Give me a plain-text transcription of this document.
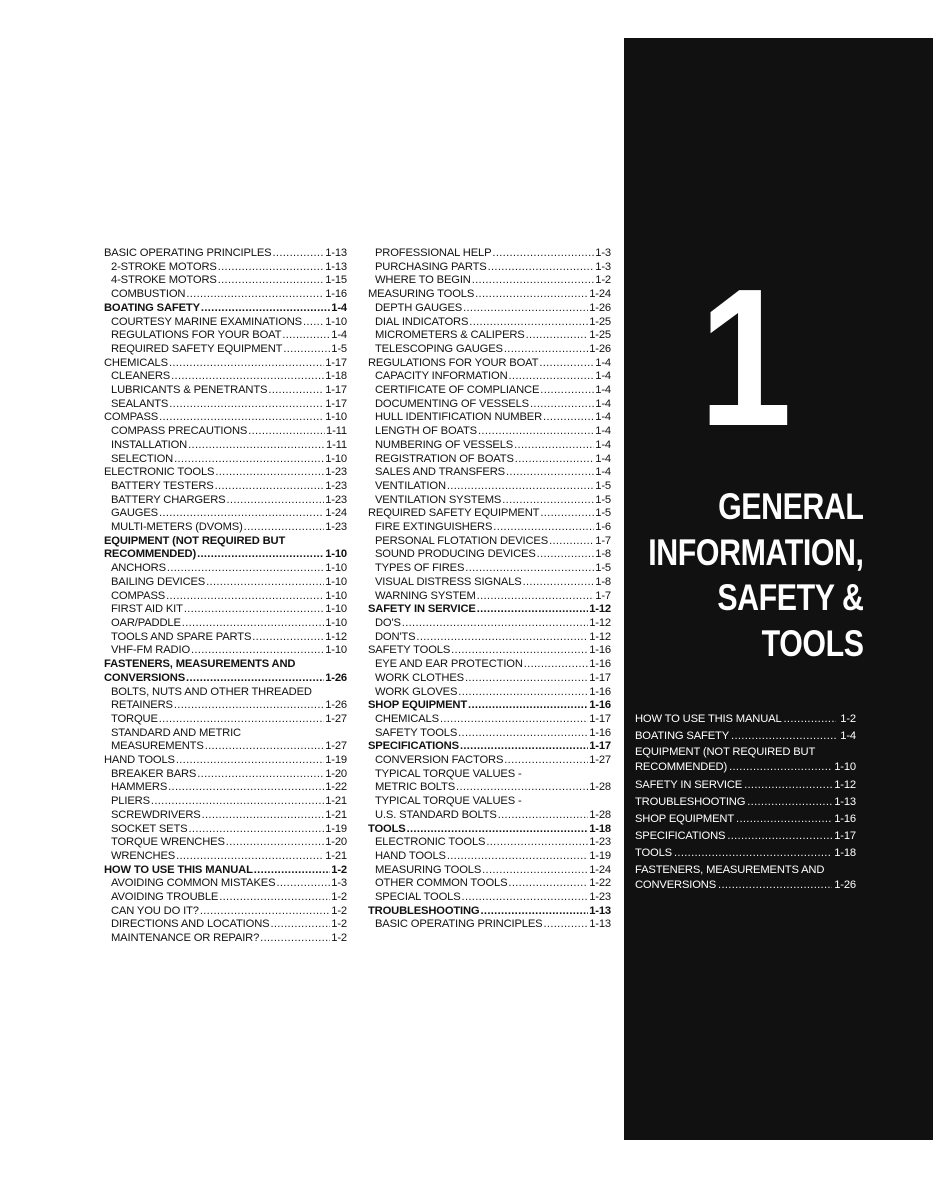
BASIC OPERATING PRINCIPLES . . .	1-13
2-STROKE MOTORS . . .	1-13
4-STROKE MOTORS . . .	1-15
COMBUSTION . . .	1-16
BOATING SAFETY . . .	1-4
COURTESY MARINE EXAMINATIONS . . . 1-10
REGULATIONS FOR YOUR BOAT . . .	1-4
REQUIRED SAFETY EQUIPMENT . . .	1-5
CHEMICALS . . .	1-17
CLEANERS . . .	1-18
LUBRICANTS & PENETRANTS . . .	1-17
SEALANTS . . .	1-17
COMPASS . . .	1-10
COMPASS PRECAUTIONS . . .	1-11
INSTALLATION . . .	1-11
SELECTION . . .	1-10
ELECTRONIC TOOLS . . .	1-23
BATTERY TESTERS . . .	1-23
BATTERY CHARGERS . . .	1-23
GAUGES . . .	1-24
MULTI-METERS (DVOMS) . . .	1-23
EQUIPMENT (NOT REQUIRED BUT
RECOMMENDED) . . .	1-10
ANCHORS . . .	1-10
BAILING DEVICES . . .	1-10
COMPASS . . .	1-10
FIRST AID KIT . . .	1-10
OAR/PADDLE . . .	1-10
TOOLS AND SPARE PARTS . . .	1-12
VHF-FM RADIO . . .	1-10
FASTENERS, MEASUREMENTS AND
CONVERSIONS . . .	1-26
BOLTS, NUTS AND OTHER THREADED
RETAINERS . . .	1-26
TORQUE . . .	1-27
STANDARD AND METRIC
MEASUREMENTS . . .	1-27
HAND TOOLS . . .	1-19
BREAKER BARS . . .	1-20
HAMMERS . . .	1-22
PLIERS . . .	1-21
SCREWDRIVERS . . .	1-21
SOCKET SETS . . .	1-19
TORQUE WRENCHES . . .	1-20
WRENCHES . . .	1-21
HOW TO USE THIS MANUAL . . .	1-2
AVOIDING COMMON MISTAKES . . .	1-3
AVOIDING TROUBLE . . .	1-2
CAN YOU DO IT? . . .	1-2
DIRECTIONS AND LOCATIONS . . .	1-2
MAINTENANCE OR REPAIR? . . .	1-2
PROFESSIONAL HELP . . .	1-3
PURCHASING PARTS . . .	1-3
WHERE TO BEGIN . . .	1-2
MEASURING TOOLS . . .	1-24
DEPTH GAUGES . . .	1-26
DIAL INDICATORS . . .	1-25
MICROMETERS & CALIPERS . . .	1-25
TELESCOPING GAUGES . . .	1-26
REGULATIONS FOR YOUR BOAT . . .	1-4
CAPACITY INFORMATION . . .	1-4
CERTIFICATE OF COMPLIANCE . . .	1-4
DOCUMENTING OF VESSELS . . .	1-4
HULL IDENTIFICATION NUMBER . . .	1-4
LENGTH OF BOATS . . .	1-4
NUMBERING OF VESSELS . . .	1-4
REGISTRATION OF BOATS . . .	1-4
SALES AND TRANSFERS . . .	1-4
VENTILATION . . .	1-5
VENTILATION SYSTEMS . . .	1-5
REQUIRED SAFETY EQUIPMENT . . .	1-5
FIRE EXTINGUISHERS . . .	1-6
PERSONAL FLOTATION DEVICES . . .	1-7
SOUND PRODUCING DEVICES . . .	1-8
TYPES OF FIRES . . .	1-5
VISUAL DISTRESS SIGNALS . . .	1-8
WARNING SYSTEM . . .	1-7
SAFETY IN SERVICE . . .	1-12
DO'S . . .	1-12
DON'TS . . .	1-12
SAFETY TOOLS . . .	1-16
EYE AND EAR PROTECTION . . .	1-16
WORK CLOTHES . . .	1-17
WORK GLOVES . . .	1-16
SHOP EQUIPMENT . . .	1-16
CHEMICALS . . .	1-17
SAFETY TOOLS . . .	1-16
SPECIFICATIONS . . .	1-17
CONVERSION FACTORS . . .	1-27
TYPICAL TORQUE VALUES -
METRIC BOLTS . . .	1-28
TYPICAL TORQUE VALUES -
U.S. STANDARD BOLTS . . .	1-28
TOOLS . . .	1-18
ELECTRONIC TOOLS . . .	1-23
HAND TOOLS . . .	1-19
MEASURING TOOLS . . .	1-24
OTHER COMMON TOOLS . . .	1-22
SPECIAL TOOLS . . .	1-23
TROUBLESHOOTING . . .	1-13
BASIC OPERATING PRINCIPLES . . .	1-13
1
GENERAL
INFORMATION,
SAFETY &
TOOLS
HOW TO USE THIS MANUAL . . .	1-2
BOATING SAFETY . . .	1-4
EQUIPMENT (NOT REQUIRED BUT
RECOMMENDED) . . .	1-10
SAFETY IN SERVICE . . .	1-12
TROUBLESHOOTING . . .	1-13
SHOP EQUIPMENT . . .	1-16
SPECIFICATIONS . . .	1-17
TOOLS . . .	1-18
FASTENERS, MEASUREMENTS AND
CONVERSIONS . . .	1-26
